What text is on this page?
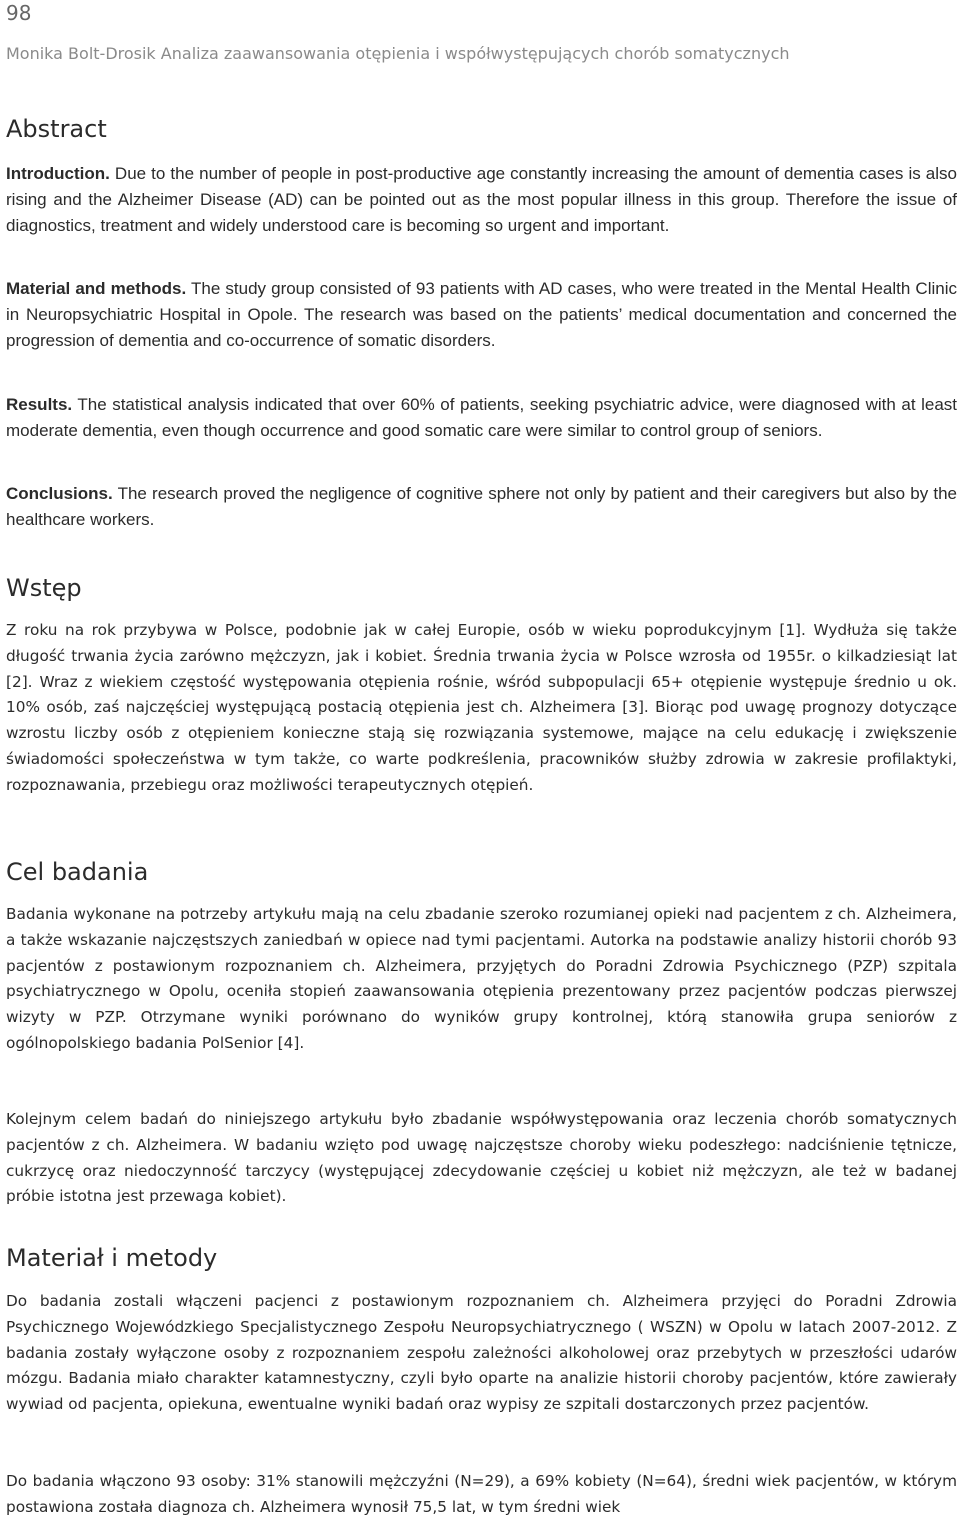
98
Monika Bolt-Drosik Analiza zaawansowania otępienia i współwystępujących chorób somatycznych
Abstract

Introduction. Due to the number of people in post-productive age constantly increasing the amount of dementia cases is also rising and the Alzheimer Disease (AD) can be pointed out as the most popular illness in this group. Therefore the issue of diagnostics, treatment and widely understood care is becoming so urgent and important.

Material and methods. The study group consisted of 93 patients with AD cases, who were treated in the Mental Health Clinic in Neuropsychiatric Hospital in Opole. The research was based on the patients’ medical documentation and concerned the progression of dementia and co-occurrence of somatic disorders.

Results. The statistical analysis indicated that over 60% of patients, seeking psychiatric advice, were diagnosed with at least moderate dementia, even though occurrence and good somatic care were similar to control group of seniors.

Conclusions. The research proved the negligence of cognitive sphere not only by patient and their caregivers but also by the healthcare workers.

Wstęp

Z roku na rok przybywa w Polsce, podobnie jak w całej Europie, osób w wieku poprodukcyjnym [1]. Wydłuża się także długość trwania życia zarówno mężczyzn, jak i kobiet. Średnia trwania życia w Polsce wzrosła od 1955r. o kilkadziesiąt lat [2]. Wraz z wiekiem częstość występowania otępienia rośnie, wśród subpopulacji 65+ otępienie występuje średnio u ok. 10% osób, zaś najczęściej występującą postacią otępienia jest ch. Alzheimera [3]. Biorąc pod uwagę prognozy dotyczące wzrostu liczby osób z otępieniem konieczne stają się rozwiązania systemowe, mające na celu edukację i zwiększenie świadomości społeczeństwa w tym także, co warte podkreślenia, pracowników służby zdrowia w zakresie profilaktyki, rozpoznawania, przebiegu oraz możliwości terapeutycznych otępień.

Cel badania

Badania wykonane na potrzeby artykułu mają na celu zbadanie szeroko rozumianej opieki nad pacjentem z ch. Alzheimera, a także wskazanie najczęstszych zaniedbań w opiece nad tymi pacjentami. Autorka na podstawie analizy historii chorób 93 pacjentów z postawionym rozpoznaniem ch. Alzheimera, przyjętych do Poradni Zdrowia Psychicznego (PZP) szpitala psychiatrycznego w Opolu, oceniła stopień zaawansowania otępienia prezentowany przez pacjentów podczas pierwszej wizyty w PZP. Otrzymane wyniki porównano do wyników grupy kontrolnej, którą stanowiła grupa seniorów z ogólnopolskiego badania PolSenior [4].

Kolejnym celem badań do niniejszego artykułu było zbadanie współwystępowania oraz leczenia chorób somatycznych pacjentów z ch. Alzheimera. W badaniu wzięto pod uwagę najczęstsze choroby wieku podeszłego: nadciśnienie tętnicze, cukrzycę oraz niedoczynność tarczycy (występującej zdecydowanie częściej u kobiet niż mężczyzn, ale też w badanej próbie istotna jest przewaga kobiet).

Materiał i metody

Do badania zostali włączeni pacjenci z postawionym rozpoznaniem ch. Alzheimera przyjęci do Poradni Zdrowia Psychicznego Wojewódzkiego Specjalistycznego Zespołu Neuropsychiatrycznego ( WSZN) w Opolu w latach 2007-2012. Z badania zostały wyłączone osoby z rozpoznaniem zespołu zależności alkoholowej oraz przebytych w przeszłości udarów mózgu. Badania miało charakter katamnestyczny, czyli było oparte na analizie historii choroby pacjentów, które zawierały wywiad od pacjenta, opiekuna, ewentualne wyniki badań oraz wypisy ze szpitali dostarczonych przez pacjentów.

Do badania włączono 93 osoby: 31% stanowili mężczyźni (N=29), a 69% kobiety (N=64), średni wiek pacjentów, w którym postawiona została diagnoza ch. Alzheimera wynosił 75,5 lat, w tym średni wiek
